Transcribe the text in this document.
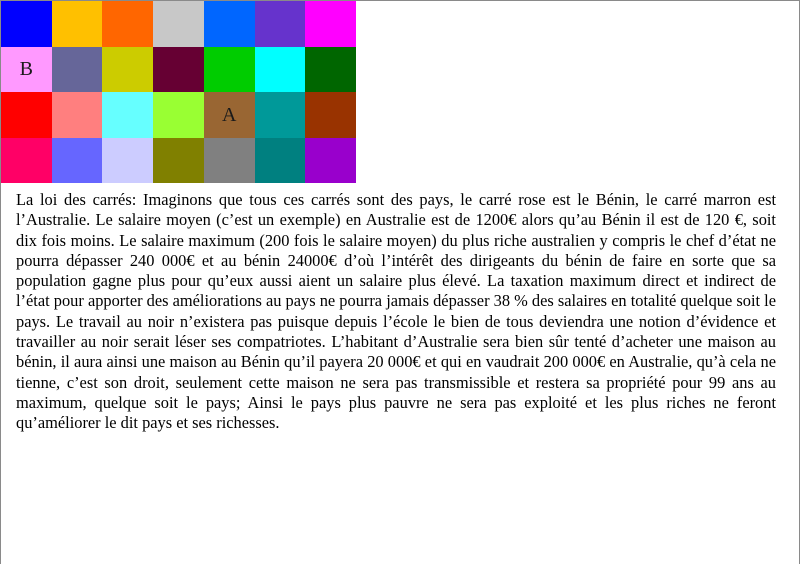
B
A

La loi des carrés: Imaginons que tous ces carrés sont des pays, le carré rose est le Bénin, le carré marron est l’Australie. Le salaire moyen (c’est un exemple) en Australie est de 1200€ alors qu’au Bénin il est de 120 €, soit dix fois moins. Le salaire maximum (200 fois le salaire moyen) du plus riche australien y compris le chef d’état ne pourra dépasser 240 000€ et au bénin 24000€ d’où l’intérêt des dirigeants du bénin de faire en sorte que sa population gagne plus pour qu’eux aussi aient un salaire plus élevé. La taxation maximum direct et indirect de l’état pour apporter des améliorations au pays ne pourra jamais dépasser 38 % des salaires en totalité quelque soit le pays. Le travail au noir n’existera pas puisque depuis l’école le bien de tous deviendra une notion d’évidence et travailler au noir serait léser ses compatriotes. L’habitant d’Australie sera bien sûr tenté d’acheter une maison au bénin, il aura ainsi une maison au Bénin qu’il payera 20 000€ et qui en vaudrait 200 000€ en Australie, qu’à cela ne tienne, c’est son droit, seulement cette maison ne sera pas transmissible et restera sa propriété pour 99 ans au maximum, quelque soit le pays; Ainsi le pays plus pauvre ne sera pas exploité et les plus riches ne feront qu’améliorer le dit pays et ses richesses.
